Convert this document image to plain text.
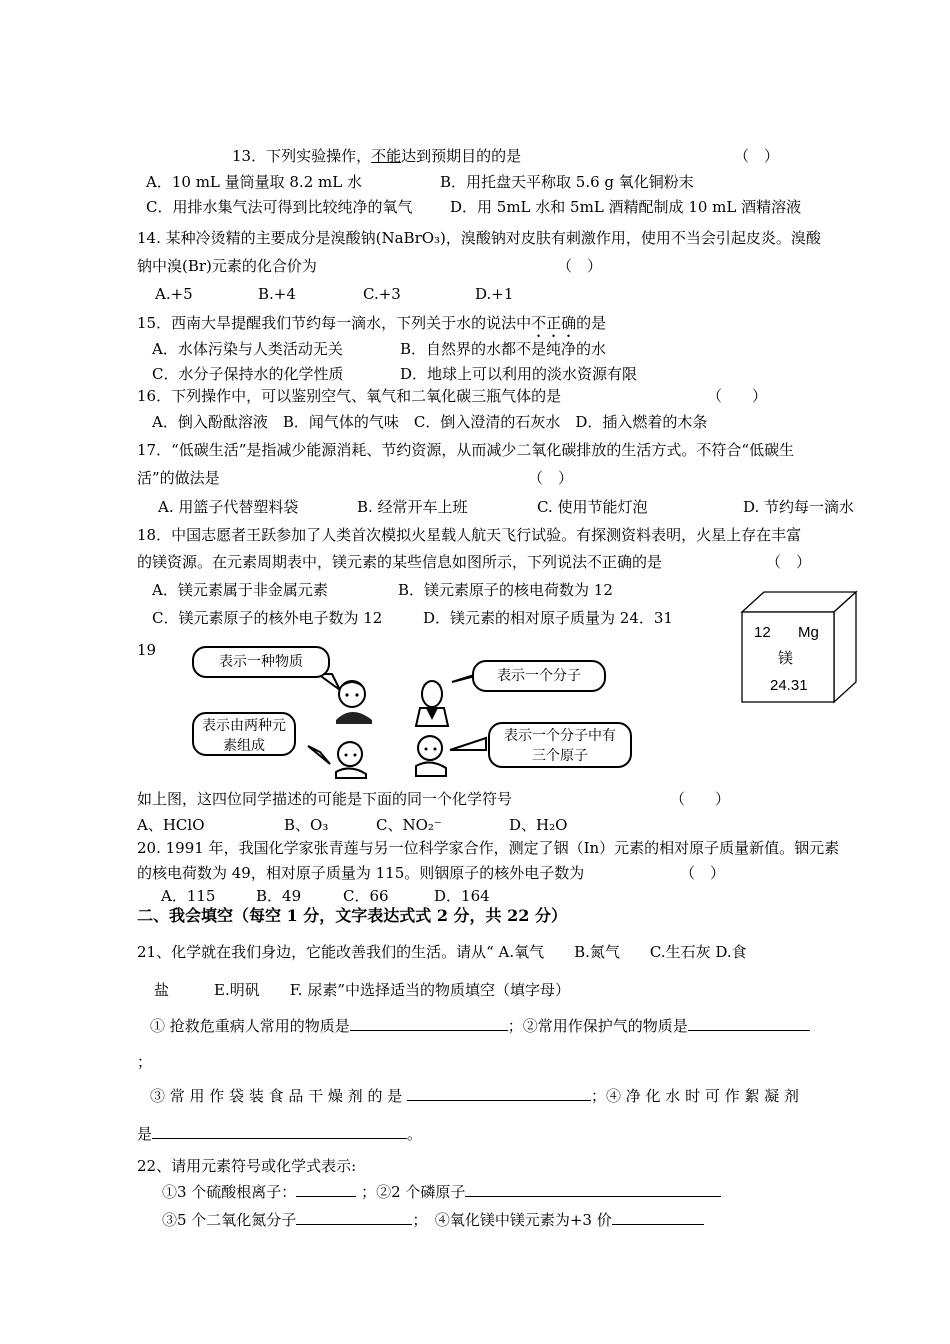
13．下列实验操作，不能达到预期目的的是	（　）
A．10 mL 量筒量取 8.2 mL 水	B．用托盘天平称取 5.6 g 氧化铜粉末
C．用排水集气法可得到比较纯净的氧气	D．用 5mL 水和 5mL 酒精配制成 10 mL 酒精溶液
14. 某种冷烫精的主要成分是溴酸钠(NaBrO₃)，溴酸钠对皮肤有刺激作用，使用不当会引起皮炎。溴酸
钠中溴(Br)元素的化合价为	（　）
A.+5	B.+4	C.+3	D.+1
15．西南大旱提醒我们节约每一滴水，下列关于水的说法中不正确的是
A．水体污染与人类活动无关	B．自然界的水都不是纯净的水
C．水分子保持水的化学性质	D．地球上可以利用的淡水资源有限
16．下列操作中，可以鉴别空气、氧气和二氧化碳三瓶气体的是	（　　）
A．倒入酚酞溶液　B．闻气体的气味　C．倒入澄清的石灰水　D．插入燃着的木条
17．“低碳生活”是指减少能源消耗、节约资源，从而减少二氧化碳排放的生活方式。不符合“低碳生
活”的做法是	（　）
A. 用篮子代替塑料袋	B. 经常开车上班	C. 使用节能灯泡	D. 节约每一滴水
18．中国志愿者王跃参加了人类首次模拟火星载人航天飞行试验。有探测资料表明，火星上存在丰富
的镁资源。在元素周期表中，镁元素的某些信息如图所示，下列说法不正确的是	（　）
A．镁元素属于非金属元素	B．镁元素原子的核电荷数为 12
C．镁元素原子的核外电子数为 12	D．镁元素的相对原子质量为 24．31
12 Mg
镁
24.31
19
表示一种物质
表示一个分子
表示由两种元素组成
表示一个分子中有三个原子
如上图，这四位同学描述的可能是下面的同一个化学符号	（　　）
A、HClO	B、O₃	C、NO₂⁻	D、H₂O
20. 1991 年，我国化学家张青莲与另一位科学家合作，测定了铟（In）元素的相对原子质量新值。铟元素
的核电荷数为 49，相对原子质量为 115。则铟原子的核外电子数为	（　）
A．115	B．49	C．66	D．164
二、我会填空（每空 1 分，文字表达式式 2 分，共 22 分）
21、化学就在我们身边，它能改善我们的生活。请从“ A.氧气　　B.氮气　　C.生石灰 D.食
盐　　　E.明矾　　F. 尿素”中选择适当的物质填空（填字母）
① 抢救危重病人常用的物质是	；②常用作保护气的物质是
；
③ 常 用 作 袋 装 食 品 干 燥 剂 的 是	；④ 净 化 水 时 可 作 絮 凝 剂
是	。
22、请用元素符号或化学式表示:
①3 个硫酸根离子：	；②2 个磷原子
③5 个二氧化氮分子	；　④氧化镁中镁元素为+3 价
